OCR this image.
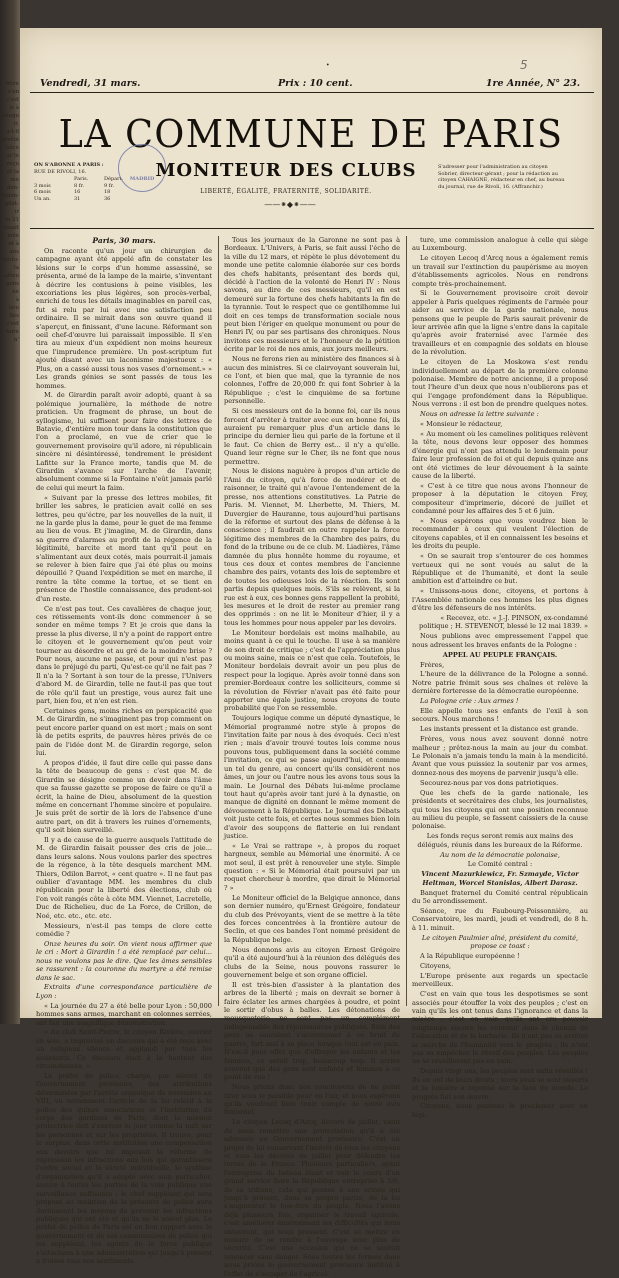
frère
s'en
c'est
ls à
souqu
ir,
a-t-il
arrêté
bâce
ar le
reçu
ut la
me
don-
colon-
gilet-
ir
le 21
uisait
mée
et à
ans
mutu-
la
atteu
gens
ne
à
lieu
lles
s'est
faire
n'
•	5
Vendredi, 31 mars.	Prix : 10 cent.	1re Année, N° 23.
LA COMMUNE DE PARIS
ON S'ABONNE A PARIS :
RUE DE RIVOLI, 16.
Paris.	Départ.
3 mois	8 fr.	9 fr.
6 mois	16	18
Un an.	31	36
MADRID MONITEUR DES CLUBS
LIBERTÉ, ÉGALITÉ, FRATERNITÉ, SOLIDARITÉ.
——⁕◆⁕——
S'adresser pour l'administration au citoyen Sobrier, directeur-gérant ; pour la rédaction au citoyen CAHAIGNE, rédacteur en chef, au bureau du journal, rue de Rivoli, 16. (Affranchir.)
Paris, 30 mars.

On raconte qu'un jour un chirurgien de campagne ayant été appelé afin de constater les lésions sur le corps d'un homme assassiné, se présenta, armé de la lampe de la mairie, s'inventant à décrire les contusions à peine visibles, les excoriations les plus légères, son procès-verbal, enrichi de tous les détails imaginables en pareil cas, fut si relu par lui avec une satisfaction peu ordinaire. Il se mirait dans son œuvre quand il s'aperçut, en finissant, d'une lacune. Réformant son oeil chef-d'œuvre lui paraissait impossible. Il s'en tira au mieux d'un expédient non moins heureux que l'imprudence première. Un post-scriptum fut ajouté disant avec un laconisme majestueux : « Plus, on a cassé aussi tous nos vases d'ornement.» » Les grands génies se sont passés de tous les hommes.

M. de Girardin paraît avoir adopté, quant à sa polémique journalière, la méthode de notre praticien. Un fragment de phrase, un bout de syllogisme, lui suffisent pour faire des lettres de Batavie, d'entière mon tour dans la constitution que l'on a proclamé, en vue de crier que le gouvernement provisoire qu'il adore, ni républicain sincère ni désintéressé, tendrement le président Lafitte sur la France morte, tandis que M. de Girardin s'avance sur l'arche de l'avenir, absolument comme si la Fontaine n'eût jamais parlé de celui qui meurt la faim.

« Suivant par la presse des lettres mobiles, fit briller les sabres, le praticien avait collé en ses lettres, peu qu'éctre, par les nouvelles de la nuit, il ne la garde plus la dame, pour le guet de ma femme au lieu de vous. Et j'imagine, M. de Girardin, dans sa guerre d'alarmes au profit de la régence de la légitimité, barcite et mord tant qu'il peut en s'alimentant aux deux cotés, mais pourrait-il jamais se relever à bien faire que j'ai été plus ou moins dépouillé ? Quand l'expédition se met en marche, il rentre la tête comme la tortue, et se tient en présence de l'hostile connaissance, des prudent-soi d'un reste.

Ce n'est pas tout. Ces cavalières de chaque jour, ces rétissements vont-ils donc commencer à se sonder en même temps ? Et je crois que dans la presse la plus diverse, il n'y a point de rapport entre le citoyen et le gouvernement qu'on peut voir tourner au désordre et au gré de la moindre brise ? Pour nous, aucune ne passe, et pour qui n'est pas dans le préjugé du parti, Qu'est-ce qu'il ne fait pas ? Il n'a la ? Sortant à son tour de la presse, l'Univers d'abord M. de Girardin, telle ne faut-il pas que tout de rôle qu'il faut un prestige, vous aurez fait une part, bien fou, et n'en est rien.

Certaines gens, moins riches en perspicacité que M. de Girardin, ne s'imaginent pas trop comment on peut encore parler quand on est mort ; mais on sont là de petits esprits, de pauvres hères privés de ce pain de l'idée dont M. de Girardin regorge, selon lui.

A propos d'idée, il faut dire celle qui passe dans la tête de beaucoup de gens : c'est que M. de Girardin se désigne comme un devoir dans l'âme que sa fausse gazette se propose de faire ce qu'il a écrit, la haine de Dieu, absolument de la question même en concernant l'homme sincère et populaire. Je suis prêt de sortir de là lors de l'absence d'une autre part, on dit à travers les ruines d'ornements, qu'il soit bien surveillé.

Il y a de cause de la guerre ausquels l'attitude de M. de Girardin faisait pousser des cris de joie... dans leurs salons. Nous voulons parler des spectres de la régence, à la tête desquels marchent MM. Thiers, Odilon Barrot, « cent quatre ». Il ne faut pas oublier d'avantage MM. les membres du club républicain pour la liberté des élections, club où l'on voit rangés côte à côte MM. Viennet, Lacretelle, Duc de Richelieu, duc de La Force, de Crillon, de Noé, etc. etc., etc. etc.

Messieurs, n'est-il pas temps de clore cette comédie ?

Onze heures du soir. On vient nous affirmer que le cri : Mort à Girardin ! a été remplacé par celui... nous ne voulons pas le dire. Que les âmes sensibles se rassurent : la couronne du martyre a été remise dans le sac.

Extraits d'une correspondance particulière de Lyon :

« La journée du 27 a été belle pour Lyon : 50,000 hommes sans armes, marchant en colonnes serrées, ont fait une magnifique démonstration.

« Au club Saint-Pierre, le citoyen Rivière, ouvrier en soie, a improvisé un discours qui a été reçu avec un religieux silence et applaudi par tous les assistants. Ce discours était à la hauteur des circonstances. »

Le préfet de police, chargé, par décret du Gouvernement provisoire, des attributions déterminées par l'arrêté organique de novembre an VIII, vu notamment l'article de la loi relatif à la police des quinze associations et l'institution du corps des gardiens de Paris, dont la mission protectrice doit s'exercer le jour comme la nuit sur les personnes et sur les propriétés. Il trouve, pour le surplus, dans cette institution une compensation aux devoirs que lui imposait la réforme de répression les infractions aux lois qui garantissent l'ordre social et la sûreté individuelle, le système d'organisation qu'il a adopté avec soin particulier, assure à toutes les parties de la voie publique une surveillance suffisante ; le chef suppléant qui sera préposé au maintien de la présente de police aura dorénavant les moyens de prévenir les infractions publiques qui ont été et qu'ils ne le soient plus. Le préfet de police de Paris est en bon rapport avec le gouvernement et de ses commissaires de police qui les suppléent, les agents de la force publique s'attachera à une administration qui jusqu'à présent a froissé tous nos sentiments.

Tous les journaux de la Garonne ne sont pas à Bordeaux. L'Univers, à Paris, se fait aussi l'écho de la ville du 12 mars, et répète le plus dévotement du monde une petite calomnie élaborée sur ces bords des chefs habitants, présentant des bords qui, décidé à l'action de la volonté de Henri IV : Nous savons, au dire de ces messieurs, qu'il en est demeuré sur la fortune des chefs habitants la fin de la tyrannie. Tout le respect que ce gentilhomme lui doit en ces temps de transformation sociale nous peut bien l'ériger en quelque monument ou pour de Henri IV, ou par ses partisans des chroniques. Nous invitons ces messieurs et le l'honneur de la pétition écrite par le roi de nos amis, aux jours meilleurs.

Nous ne ferons rien au ministère des finances si à aucun des ministres. Si ce clairvoyant souverain lui, ce l'ont, et bien que mal, que la tyrannie de nos colonnes, l'offre de 20,000 fr. qui font Sobrier à la République ; c'est le cinquième de sa fortune personnelle.

Si ces messieurs ont de la bonne foi, car ils nous forcent d'arrêter à traiter avec eux en bonne foi, ils auraient pu remarquer plus d'un article dans le principe du dernier lieu qui parle de la fortune et il le faut. Ce chien de Berry est... il n'y a qu'elle. Quand leur règne sur le Cher, ils ne font que nous permettre.

Nous le disions naguère à propos d'un article de l'Ami du citoyen, qu'à force de modérer et de raisonner, le traité qui n'avoue l'entendement de la presse, nos attentions constitutives. La Patrie de Paris. M. Viennet, M. Lherbette, M. Thiers, M. Duvergier de Hauranne, tous aujourd'hui partisans de la réforme et surtout des plans de défense à la conscience ; il faudrait en outre rappeler la force légitime des membres de la Chambre des pairs, du fond de la tribune ou de ce club. M. Liadières, l'âme damnée du plus honnête homme du royaume, et tous ces doux et contes membres de l'ancienne chambre des pairs, votants des lois de septembre et de toutes les odieuses lois de la réaction. Ils sont partis depuis quelques mois. S'ils se relèvent, si la rue est à eux, ces bonnes gens rappellent la probité, les mesures et le droit de rester au premier rang des opprimés : on ne lit le Moniteur d'hier, il y a tous les hommes pour nous appeler par les devoirs.

Le Moniteur bordelais est moins malhabile, au moins quant à ce qui le touche. Il use à sa manière de son droit de critique ; c'est de l'appréciation plus ou moins saine, mais ce n'est que cela. Toutefois, le Moniteur bordelais devrait avoir un peu plus de respect pour la logique. Après avoir tonné dans son premier-Bordeaux contre les solliciteurs, comme si la révolution de Février n'avait pas été faite pour apporter une égale justice, nous croyons de toute probabilité que l'on se ressemble.

Toujours logique comme un député dynastique, le Mémorial programmé notre style à propos de l'invitation faite par nous à des évoqués. Ceci n'est rien ; mais d'avoir trouvé toutes lois comme nous pouvons tous, publiquement dans la société comme l'invitation, ce qui se passe aujourd'hui, et comme un tel du genre, au concert qu'ils considèrent nos âmes, un jour ou l'autre nous les avons tous sous la main. Le Journal des Débats lui-même proclame tout haut qu'après avoir tant juré à la dynastie, on manque de dignité en donnant le même moment de dévouement à la République. Le Journal des Débats voit juste cette fois, et certes nous sommes bien loin d'avoir des soupçons de flatterie en lui rendant justice.

« Le Vrai se rattrape », à propos du roquet hargneux, semble au Mémorial une énormité. A ce mot seul, il est prêt à renouveler une style. Simple question : « Si le Mémorial était poursuivi par un roquet chercheur à mordre, que dirait le Mémorial ? »

Le Moniteur officiel de la Belgique annonce, dans son dernier numéro, qu'Ernest Grégoire, fondateur du club des Prévoyants, vient de se mettre à la tête des forces concentrées à la frontière autour de Seclin, et que ces bandes l'ont nommé président de la République belge.

Nous donnons avis au citoyen Ernest Grégoire qu'il a été aujourd'hui à la réunion des délégués des clubs de la Seine, nous pouvons rassurer le gouvernement belge et son organe officiel.

Il est très-bien d'assister à la plantation des arbres de la liberté ; mais on devrait se borner à faire éclater les armes chargées à poudre, et point le sortir d'obus à balles. Les détonations de mousqueterie ne sont pas un complément indispensable des réjouissances publiques. Bien des gens ne sauraient s'accoutumer à ce bruit de guerre, fort mal à sa place lorsque tout est en paix. N'est-il pour effet que d'effrayer les enfants et les femmes, ce serait trop, beaucoup trop. Il arrive souvent que des gens sont enfants et femmes à ce point de vue !

Nous prions donc nos concitoyens de ne point tirer sous le paisible pour en l'air, et nous espérons qu'ils voudront bien tenir compte de notre avis fraternel.

Le citoyen Lecoq d'Arcq, décoré de juillet, vient de nous remettre une protestation qu'il a été adressée au Gouvernement provisoire. C'est un projet de loi conservant l'intérêt de tous les citoyens et tous les décorés de juillet pour défendre les terres de la France. Plusieurs particuliers, ayant l'entreprise du bateau étant et voir le cours d'un grand service faire la République entreprise à 5/6, de sa tribune, cela qui pousse à une armée qui jusqu'à présent, dans sa propre partie, de la loi s'augmenter le bon-être du peuple. Nous l'avons déjà plusieurs fois, organiser le travail agricole, c'est améliorer énormément les difficultés qui nous entourent, qui nous pressent. C'est se mettre en mesure de se rendre à l'ouvrage avec plus de sécurité. C'est une occasion qui ne se saurait renoncer sans danger. Sous toutes les formes dans nous prions le gouvernement provisoire institué à l'effet de s'occuper de l'agricul-

ture, une commission analogue à celle qui siège au Luxembourg.

Le citoyen Lecoq d'Arcq nous a également remis un travail sur l'extinction du paupérisme au moyen d'établissements agricoles. Nous en rendrons compte très-prochainement.

Si le Gouvernement provisoire croit devoir appeler à Paris quelques régiments de l'armée pour aider au service de la garde nationale, nous pensons que le peuple de Paris saurait prévenir de leur arrivée afin que la ligne s'entre dans la capitale qu'après avoir fraternisé avec l'armée des travailleurs et en compagnie des soldats en blouse de la révolution.

Le citoyen de La Moskowa s'est rendu individuellement au départ de la première colonne polonaise. Membre de notre ancienne, il a proposé tout l'heure d'un deux que nous n'oublierons pas et qui l'engage profondément dans la République. Nous verrons : il est bon de prendre quelques notes.

Nous on adresse la lettre suivante :

« Monsieur le rédacteur,

« Au moment où les camelines politiques relèvent la tête, nous devons leur opposer des hommes d'énergie qui n'ont pas attendu le lendemain pour faire leur profession de foi et qui depuis quinze ans ont été victimes de leur dévouement à la sainte cause de la liberté.

« C'est à ce titre que nous avons l'honneur de proposer à la députation le citoyen Frey, compositeur d'imprimerie, décoré de juillet et condamné pour les affaires des 5 et 6 juin.

« Nous espérons que vous voudrez bien le recommander à ceux qui veulent l'élection de citoyens capables, et il en connaissent les besoins et les droits du peuple.

« On se saurait trop s'entourer de ces hommes vertueux qui ne sont voués au salut de la République et de l'humanité, et dont la seule ambition est d'atteindre ce but.

« Unissons-nous donc, citoyens, et portons à l'Assemblée nationale ces hommes les plus dignes d'être les défenseurs de nos intérêts.

« Recevez, etc. « J.-J. PINSON, ex-condamné politique ; H. STEVENOT, blessé le 12 mai 1839. »

Nous publions avec empressement l'appel que nous adressent les braves enfants de la Pologne :

APPEL AU PEUPLE FRANÇAIS.

Frères,

L'heure de la délivrance de la Pologne a sonné. Notre patrie frémit sous ses chaînes et relève la dernière forteresse de la démocratie européenne.

La Pologne crie : Aux armes !

Elle appelle tous ses enfants de l'exil à son secours. Nous marchons !

Les instants pressent et la distance est grande.

Frères, vous nous avez souvent donné notre malheur ; prêtez-nous la main au jour du combat. Le Polonais n'a jamais tendu la main à la mendicité. Avant que vous puissiez la soutenir par vos armes, donnez-nous des moyens de parvenir jusqu'à elle.

Secourez-nous par vos dons patriotiques.

Que les chefs de la garde nationale, les présidents et secrétaires des clubs, les journalistes, qui tous les citoyens qui ont une position reconnue au milieu du peuple, se fassent caissiers de la cause polonaise.

Les fonds reçus seront remis aux mains des délégués, réunis dans les bureaux de la Réforme.

Au nom de la démocratie polonaise,

Le Comité central :

Vincent Mazurkiewicz, Fr. Szmayde, Victor Heltman, Worcel Stanislas, Albert Darasz.

Banquet fraternel du Comité central républicain du 5e arrondissement.

Séance, rue du Faubourg-Poissonnière, au Conservatoire, les mardi, jeudi et vendredi, de 8 h. à 11. minuit.

Le citoyen Paulmier aîné, président du comité, propose ce toast :

A la République européenne !

Citoyens,

L'Europe présente aux regards un spectacle merveilleux.

C'est en vain que tous les despotismes se sont associés pour étouffer la voix des peuples ; c'est en vain qu'ils les ont tenus dans l'ignorance et dans la misère ; c'est en vain qu'ils ont cru pouvoir longtemps encore les contenir dans le chemin de l'éducation et de la barbarie. Ils n'ont pas su arrêter la marche de l'humanité vers le progrès ; ils n'ont pas su empêcher le réveil des peuples. Les peuples ne se réveilleront pas en vain.

Depuis vingt ans, les peuples sont enfin réveillés ! Ils en ont de leurs droits ; leurs yeux se sont ouverts et la lumière a rayonné sur la face du monde. Le progrès fait son œuvre.

Citoyens, nous pouvons le proclamer avec un légi-
